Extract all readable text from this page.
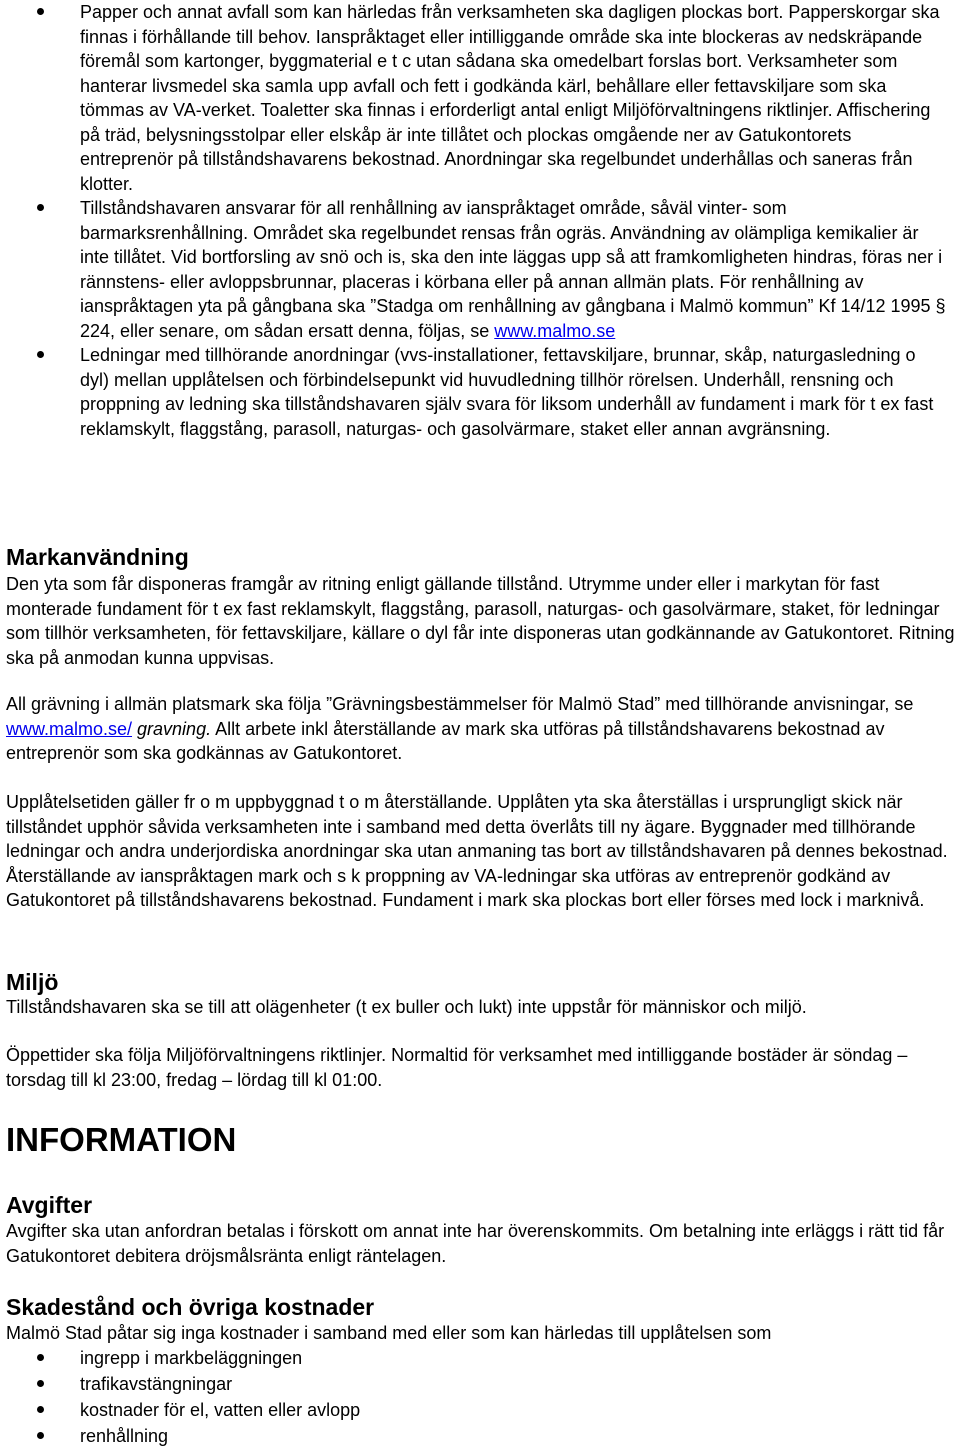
Papper och annat avfall som kan härledas från verksamheten ska dagligen plockas bort. Papperskorgar ska finnas i förhållande till behov. Ianspråktaget eller intilliggande område ska inte blockeras av nedskräpande föremål som kartonger, byggmaterial e t c utan sådana ska omedelbart forslas bort. Verksamheter som hanterar livsmedel ska samla upp avfall och fett i godkända kärl, behållare eller fettavskiljare som ska tömmas av VA-verket. Toaletter ska finnas i erforderligt antal enligt Miljöförvaltningens riktlinjer. Affischering på träd, belysningsstolpar eller elskåp är inte tillåtet och plockas omgående ner av Gatukontorets entreprenör på tillståndshavarens bekostnad. Anordningar ska regelbundet underhållas och saneras från klotter.
Tillståndshavaren ansvarar för all renhållning av ianspråktaget område, såväl vinter- som barmarksrenhållning. Området ska regelbundet rensas från ogräs. Användning av olämpliga kemikalier är inte tillåtet. Vid bortforsling av snö och is, ska den inte läggas upp så att framkomligheten hindras, föras ner i rännstens- eller avloppsbrunnar, placeras i körbana eller på annan allmän plats. För renhållning av ianspråktagen yta på gångbana ska ”Stadga om renhållning av gångbana i Malmö kommun” Kf 14/12 1995 § 224, eller senare, om sådan ersatt denna, följas, se www.malmo.se
Ledningar med tillhörande anordningar (vvs-installationer, fettavskiljare, brunnar, skåp, naturgasledning o dyl) mellan upplåtelsen och förbindelsepunkt vid huvudledning tillhör rörelsen. Underhåll, rensning och proppning av ledning ska tillståndshavaren själv svara för liksom underhåll av fundament i mark för t ex fast reklamskylt, flaggstång, parasoll, naturgas- och gasolvärmare, staket eller annan avgränsning.
Markanvändning

Den yta som får disponeras framgår av ritning enligt gällande tillstånd. Utrymme under eller i markytan för fast monterade fundament för t ex fast reklamskylt, flaggstång, parasoll, naturgas- och gasolvärmare, staket, för ledningar som tillhör verksamheten, för fettavskiljare, källare o dyl får inte disponeras utan godkännande av Gatukontoret. Ritning ska på anmodan kunna uppvisas.

All grävning i allmän platsmark ska följa ”Grävningsbestämmelser för Malmö Stad” med tillhörande anvisningar, se www.malmo.se/ gravning. Allt arbete inkl återställande av mark ska utföras på tillståndshavarens bekostnad av entreprenör som ska godkännas av Gatukontoret.

Upplåtelsetiden gäller fr o m uppbyggnad t o m återställande. Upplåten yta ska återställas i ursprungligt skick när tillståndet upphör såvida verksamheten inte i samband med detta överlåts till ny ägare. Byggnader med tillhörande ledningar och andra underjordiska anordningar ska utan anmaning tas bort av tillståndshavaren på dennes bekostnad. Återställande av ianspråktagen mark och s k proppning av VA-ledningar ska utföras av entreprenör godkänd av Gatukontoret på tillståndshavarens bekostnad. Fundament i mark ska plockas bort eller förses med lock i marknivå.

Miljö

Tillståndshavaren ska se till att olägenheter (t ex buller och lukt) inte uppstår för människor och miljö.

Öppettider ska följa Miljöförvaltningens riktlinjer. Normaltid för verksamhet med intilliggande bostäder är söndag – torsdag till kl 23:00, fredag – lördag till kl 01:00.

INFORMATION
Avgifter

Avgifter ska utan anfordran betalas i förskott om annat inte har överenskommits. Om betalning inte erläggs i rätt tid får Gatukontoret debitera dröjsmålsränta enligt räntelagen.

Skadestånd och övriga kostnader

Malmö Stad påtar sig inga kostnader i samband med eller som kan härledas till upplåtelsen som

ingrepp i markbeläggningen
trafikavstängningar
kostnader för el, vatten eller avlopp
renhållning
